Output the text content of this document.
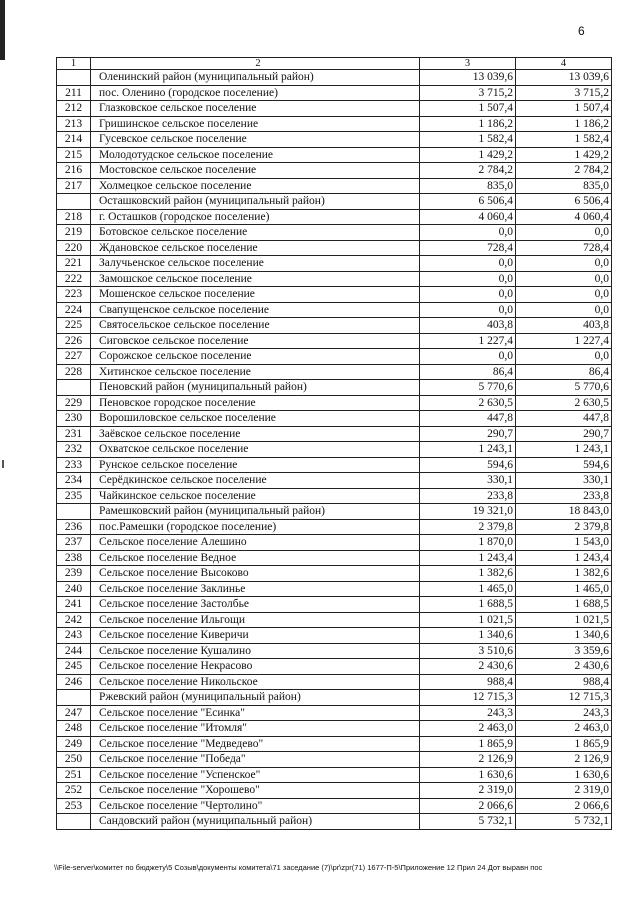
6
1	2	3	4
	Оленинский район (муниципальный район)	13 039,6	13 039,6
211	пос. Оленино (городское поселение)	3 715,2	3 715,2
212	Глазковское сельское поселение	1 507,4	1 507,4
213	Гришинское сельское поселение	1 186,2	1 186,2
214	Гусевское сельское поселение	1 582,4	1 582,4
215	Молодотудское сельское поселение	1 429,2	1 429,2
216	Мостовское сельское поселение	2 784,2	2 784,2
217	Холмецкое сельское поселение	835,0	835,0
	Осташковский район (муниципальный район)	6 506,4	6 506,4
218	г. Осташков (городское поселение)	4 060,4	4 060,4
219	Ботовское сельское поселение	0,0	0,0
220	Ждановское сельское поселение	728,4	728,4
221	Залучьенское сельское поселение	0,0	0,0
222	Замошское сельское поселение	0,0	0,0
223	Мошенское сельское поселение	0,0	0,0
224	Свапущенское сельское поселение	0,0	0,0
225	Святосельское сельское поселение	403,8	403,8
226	Сиговское сельское поселение	1 227,4	1 227,4
227	Сорожское сельское поселение	0,0	0,0
228	Хитинское сельское поселение	86,4	86,4
	Пеновский район (муниципальный район)	5 770,6	5 770,6
229	Пеновское городское поселение	2 630,5	2 630,5
230	Ворошиловское сельское поселение	447,8	447,8
231	Заёвское сельское поселение	290,7	290,7
232	Охватское сельское поселение	1 243,1	1 243,1
233	Рунское сельское поселение	594,6	594,6
234	Серёдкинское сельское поселение	330,1	330,1
235	Чайкинское сельское поселение	233,8	233,8
	Рамешковский район (муниципальный район)	19 321,0	18 843,0
236	пос.Рамешки (городское поселение)	2 379,8	2 379,8
237	Сельское поселение Алешино	1 870,0	1 543,0
238	Сельское поселение Ведное	1 243,4	1 243,4
239	Сельское поселение Высоково	1 382,6	1 382,6
240	Сельское поселение Заклинье	1 465,0	1 465,0
241	Сельское поселение Застолбье	1 688,5	1 688,5
242	Сельское поселение Ильгощи	1 021,5	1 021,5
243	Сельское поселение Киверичи	1 340,6	1 340,6
244	Сельское поселение Кушалино	3 510,6	3 359,6
245	Сельское поселение Некрасово	2 430,6	2 430,6
246	Сельское поселение Никольское	988,4	988,4
	Ржевский район (муниципальный район)	12 715,3	12 715,3
247	Сельское поселение "Есинка"	243,3	243,3
248	Сельское поселение "Итомля"	2 463,0	2 463,0
249	Сельское поселение "Медведево"	1 865,9	1 865,9
250	Сельское поселение "Победа"	2 126,9	2 126,9
251	Сельское поселение "Успенское"	1 630,6	1 630,6
252	Сельское поселение "Хорошево"	2 319,0	2 319,0
253	Сельское поселение "Чертолино"	2 066,6	2 066,6
	Сандовский район (муниципальный район)	5 732,1	5 732,1
\\File-server\комитет по бюджету\5 Созыв\документы комитета\71 заседание (7)\pr\zpr(71) 1677-П-5\Приложение 12 Прил 24 Дот выравн пос
